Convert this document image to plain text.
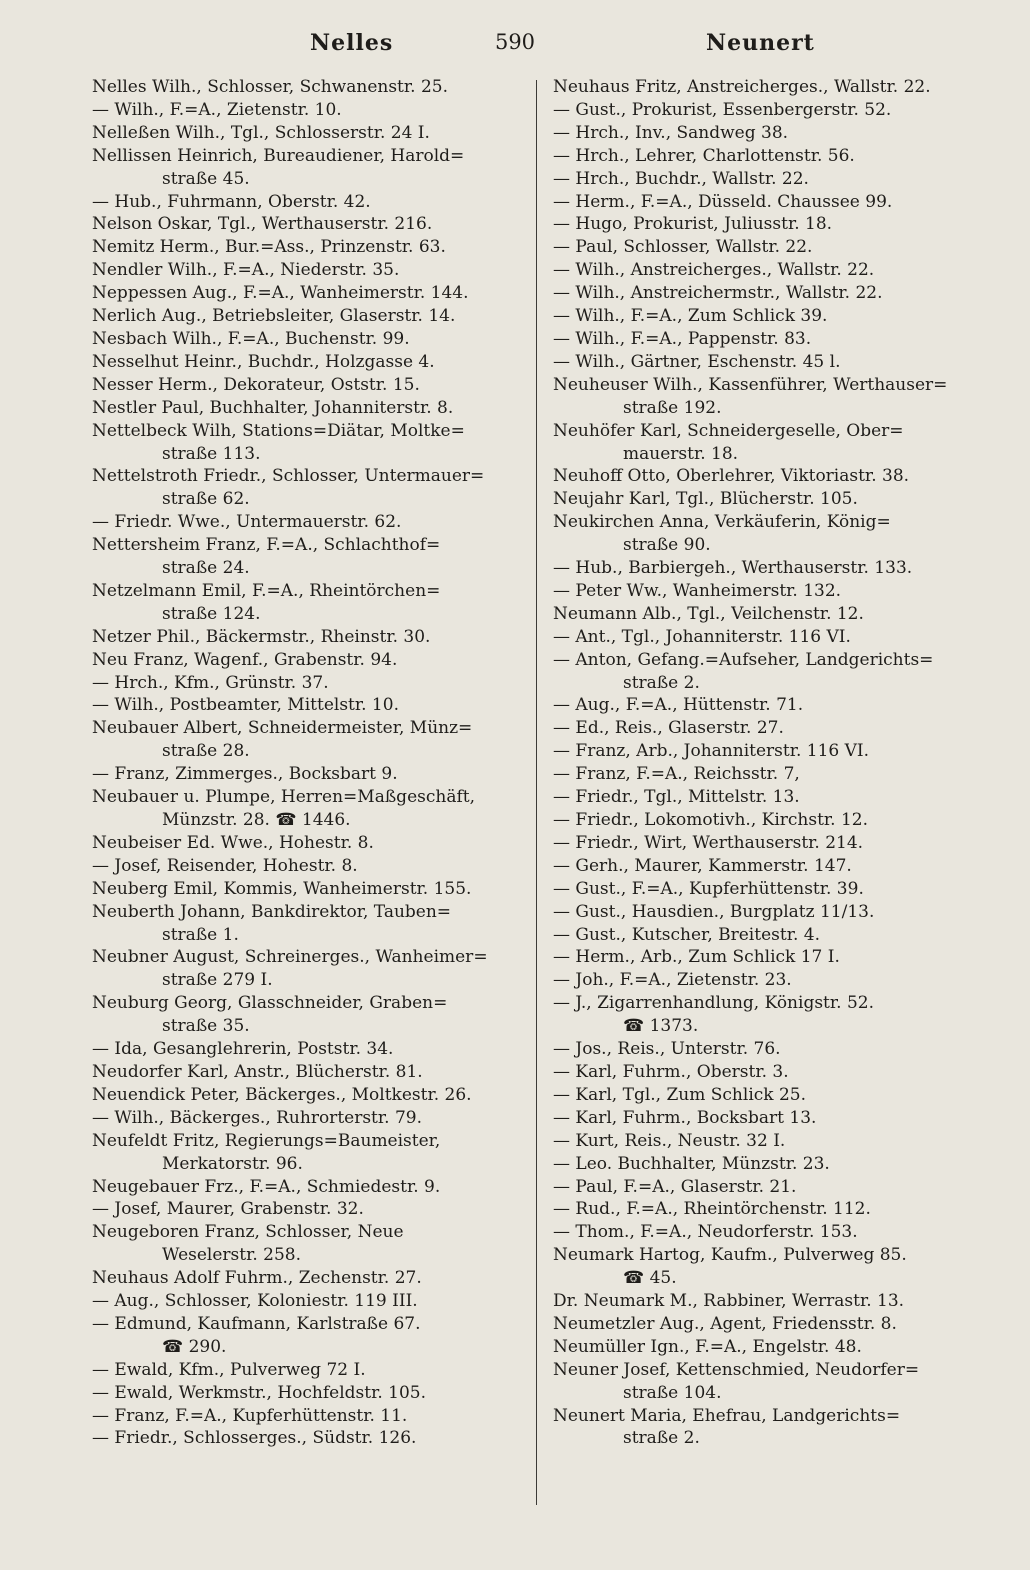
Nelles	590	Neunert
Nelles Wilh., Schlosser, Schwanenstr. 25.
— Wilh., F.=A., Zietenstr. 10.
Nelleßen Wilh., Tgl., Schlosserstr. 24 I.
Nellissen Heinrich, Bureaudiener, Harold=
straße 45.
— Hub., Fuhrmann, Oberstr. 42.
Nelson Oskar, Tgl., Werthauserstr. 216.
Nemitz Herm., Bur.=Ass., Prinzenstr. 63.
Nendler Wilh., F.=A., Niederstr. 35.
Neppessen Aug., F.=A., Wanheimerstr. 144.
Nerlich Aug., Betriebsleiter, Glaserstr. 14.
Nesbach Wilh., F.=A., Buchenstr. 99.
Nesselhut Heinr., Buchdr., Holzgasse 4.
Nesser Herm., Dekorateur, Oststr. 15.
Nestler Paul, Buchhalter, Johanniterstr. 8.
Nettelbeck Wilh, Stations=Diätar, Moltke=
straße 113.
Nettelstroth Friedr., Schlosser, Untermauer=
straße 62.
— Friedr. Wwe., Untermauerstr. 62.
Nettersheim Franz, F.=A., Schlachthof=
straße 24.
Netzelmann Emil, F.=A., Rheintörchen=
straße 124.
Netzer Phil., Bäckermstr., Rheinstr. 30.
Neu Franz, Wagenf., Grabenstr. 94.
— Hrch., Kfm., Grünstr. 37.
— Wilh., Postbeamter, Mittelstr. 10.
Neubauer Albert, Schneidermeister, Münz=
straße 28.
— Franz, Zimmerges., Bocksbart 9.
Neubauer u. Plumpe, Herren=Maßgeschäft,
Münzstr. 28. ☎ 1446.
Neubeiser Ed. Wwe., Hohestr. 8.
— Josef, Reisender, Hohestr. 8.
Neuberg Emil, Kommis, Wanheimerstr. 155.
Neuberth Johann, Bankdirektor, Tauben=
straße 1.
Neubner August, Schreinerges., Wanheimer=
straße 279 I.
Neuburg Georg, Glasschneider, Graben=
straße 35.
— Ida, Gesanglehrerin, Poststr. 34.
Neudorfer Karl, Anstr., Blücherstr. 81.
Neuendick Peter, Bäckerges., Moltkestr. 26.
— Wilh., Bäckerges., Ruhrorterstr. 79.
Neufeldt Fritz, Regierungs=Baumeister,
Merkatorstr. 96.
Neugebauer Frz., F.=A., Schmiedestr. 9.
— Josef, Maurer, Grabenstr. 32.
Neugeboren Franz, Schlosser, Neue
Weselerstr. 258.
Neuhaus Adolf Fuhrm., Zechenstr. 27.
— Aug., Schlosser, Koloniestr. 119 III.
— Edmund, Kaufmann, Karlstraße 67.
☎ 290.
— Ewald, Kfm., Pulverweg 72 I.
— Ewald, Werkmstr., Hochfeldstr. 105.
— Franz, F.=A., Kupferhüttenstr. 11.
— Friedr., Schlosserges., Südstr. 126.
Neuhaus Fritz, Anstreicherges., Wallstr. 22.
— Gust., Prokurist, Essenbergerstr. 52.
— Hrch., Inv., Sandweg 38.
— Hrch., Lehrer, Charlottenstr. 56.
— Hrch., Buchdr., Wallstr. 22.
— Herm., F.=A., Düsseld. Chaussee 99.
— Hugo, Prokurist, Juliusstr. 18.
— Paul, Schlosser, Wallstr. 22.
— Wilh., Anstreicherges., Wallstr. 22.
— Wilh., Anstreichermstr., Wallstr. 22.
— Wilh., F.=A., Zum Schlick 39.
— Wilh., F.=A., Pappenstr. 83.
— Wilh., Gärtner, Eschenstr. 45 l.
Neuheuser Wilh., Kassenführer, Werthauser=
straße 192.
Neuhöfer Karl, Schneidergeselle, Ober=
mauerstr. 18.
Neuhoff Otto, Oberlehrer, Viktoriastr. 38.
Neujahr Karl, Tgl., Blücherstr. 105.
Neukirchen Anna, Verkäuferin, König=
straße 90.
— Hub., Barbiergeh., Werthauserstr. 133.
— Peter Ww., Wanheimerstr. 132.
Neumann Alb., Tgl., Veilchenstr. 12.
— Ant., Tgl., Johanniterstr. 116 VI.
— Anton, Gefang.=Aufseher, Landgerichts=
straße 2.
— Aug., F.=A., Hüttenstr. 71.
— Ed., Reis., Glaserstr. 27.
— Franz, Arb., Johanniterstr. 116 VI.
— Franz, F.=A., Reichsstr. 7,
— Friedr., Tgl., Mittelstr. 13.
— Friedr., Lokomotivh., Kirchstr. 12.
— Friedr., Wirt, Werthauserstr. 214.
— Gerh., Maurer, Kammerstr. 147.
— Gust., F.=A., Kupferhüttenstr. 39.
— Gust., Hausdien., Burgplatz 11/13.
— Gust., Kutscher, Breitestr. 4.
— Herm., Arb., Zum Schlick 17 I.
— Joh., F.=A., Zietenstr. 23.
— J., Zigarrenhandlung, Königstr. 52.
☎ 1373.
— Jos., Reis., Unterstr. 76.
— Karl, Fuhrm., Oberstr. 3.
— Karl, Tgl., Zum Schlick 25.
— Karl, Fuhrm., Bocksbart 13.
— Kurt, Reis., Neustr. 32 I.
— Leo. Buchhalter, Münzstr. 23.
— Paul, F.=A., Glaserstr. 21.
— Rud., F.=A., Rheintörchenstr. 112.
— Thom., F.=A., Neudorferstr. 153.
Neumark Hartog, Kaufm., Pulverweg 85.
☎ 45.
Dr. Neumark M., Rabbiner, Werrastr. 13.
Neumetzler Aug., Agent, Friedensstr. 8.
Neumüller Ign., F.=A., Engelstr. 48.
Neuner Josef, Kettenschmied, Neudorfer=
straße 104.
Neunert Maria, Ehefrau, Landgerichts=
straße 2.
